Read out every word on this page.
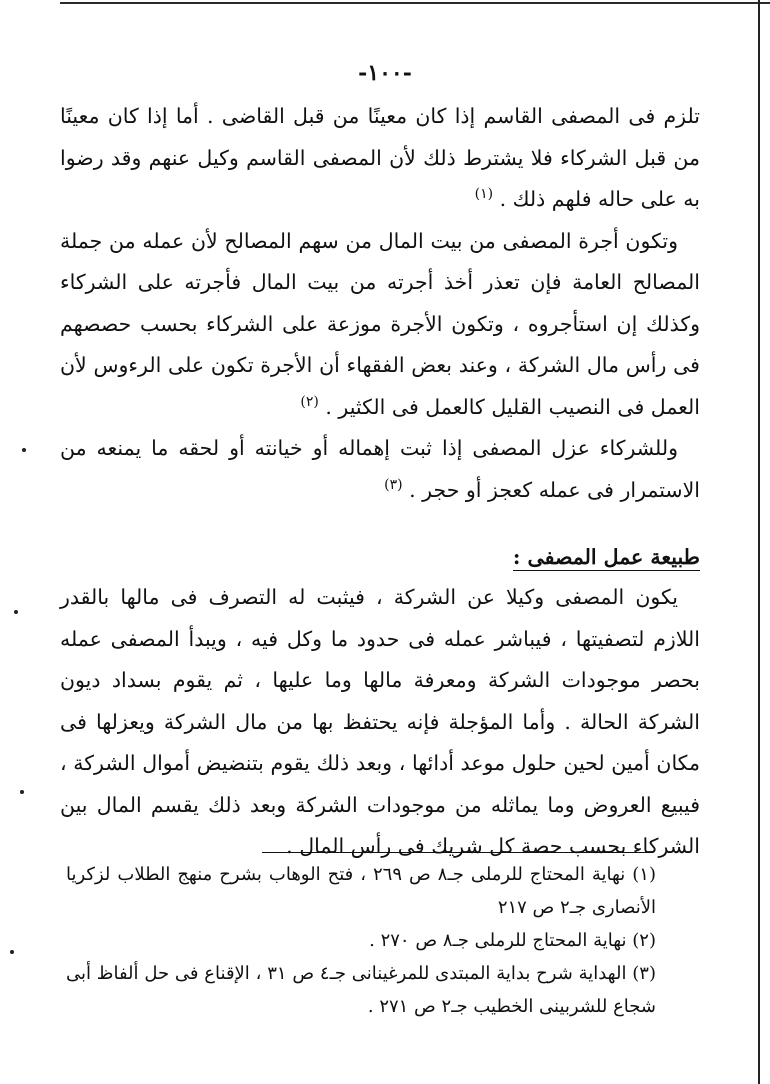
-١٠٠-

تلزم فى المصفى القاسم إذا كان معينًا من قبل القاضى . أما إذا كان معينًا من قبل الشركاء فلا يشترط ذلك لأن المصفى القاسم وكيل عنهم وقد رضوا به على حاله فلهم ذلك . $^{(١)}$

وتكون أجرة المصفى من بيت المال من سهم المصالح لأن عمله من جملة المصالح العامة فإن تعذر أخذ أجرته من بيت المال فأجرته على الشركاء وكذلك إن استأجروه ، وتكون الأجرة موزعة على الشركاء بحسب حصصهم فى رأس مال الشركة ، وعند بعض الفقهاء أن الأجرة تكون على الرءوس لأن العمل فى النصيب القليل كالعمل فى الكثير . $^{(٢)}$

وللشركاء عزل المصفى إذا ثبت إهماله أو خيانته أو لحقه ما يمنعه من الاستمرار فى عمله كعجز أو حجر . $^{(٣)}$

طبيعة عمل المصفى :

يكون المصفى وكيلا عن الشركة ، فيثبت له التصرف فى مالها بالقدر اللازم لتصفيتها ، فيباشر عمله فى حدود ما وكل فيه ، ويبدأ المصفى عمله بحصر موجودات الشركة ومعرفة مالها وما عليها ، ثم يقوم بسداد ديون الشركة الحالة . وأما المؤجلة فإنه يحتفظ بها من مال الشركة ويعزلها فى مكان أمين لحين حلول موعد أدائها ، وبعد ذلك يقوم بتنضيض أموال الشركة ، فيبيع العروض وما يماثله من موجودات الشركة وبعد ذلك يقسم المال بين الشركاء بحسب حصة كل شريك فى رأس المال .

(١) نهاية المحتاج للرملى جـ٨ ص ٢٦٩ ، فتح الوهاب بشرح منهج الطلاب لزكريا الأنصارى جـ٢ ص ٢١٧

(٢) نهاية المحتاج للرملى جـ٨ ص ٢٧٠ .

(٣) الهداية شرح بداية المبتدى للمرغينانى جـ٤ ص ٣١ ، الإقناع فى حل ألفاظ أبى شجاع للشربينى الخطيب جـ٢ ص ٢٧١ .
